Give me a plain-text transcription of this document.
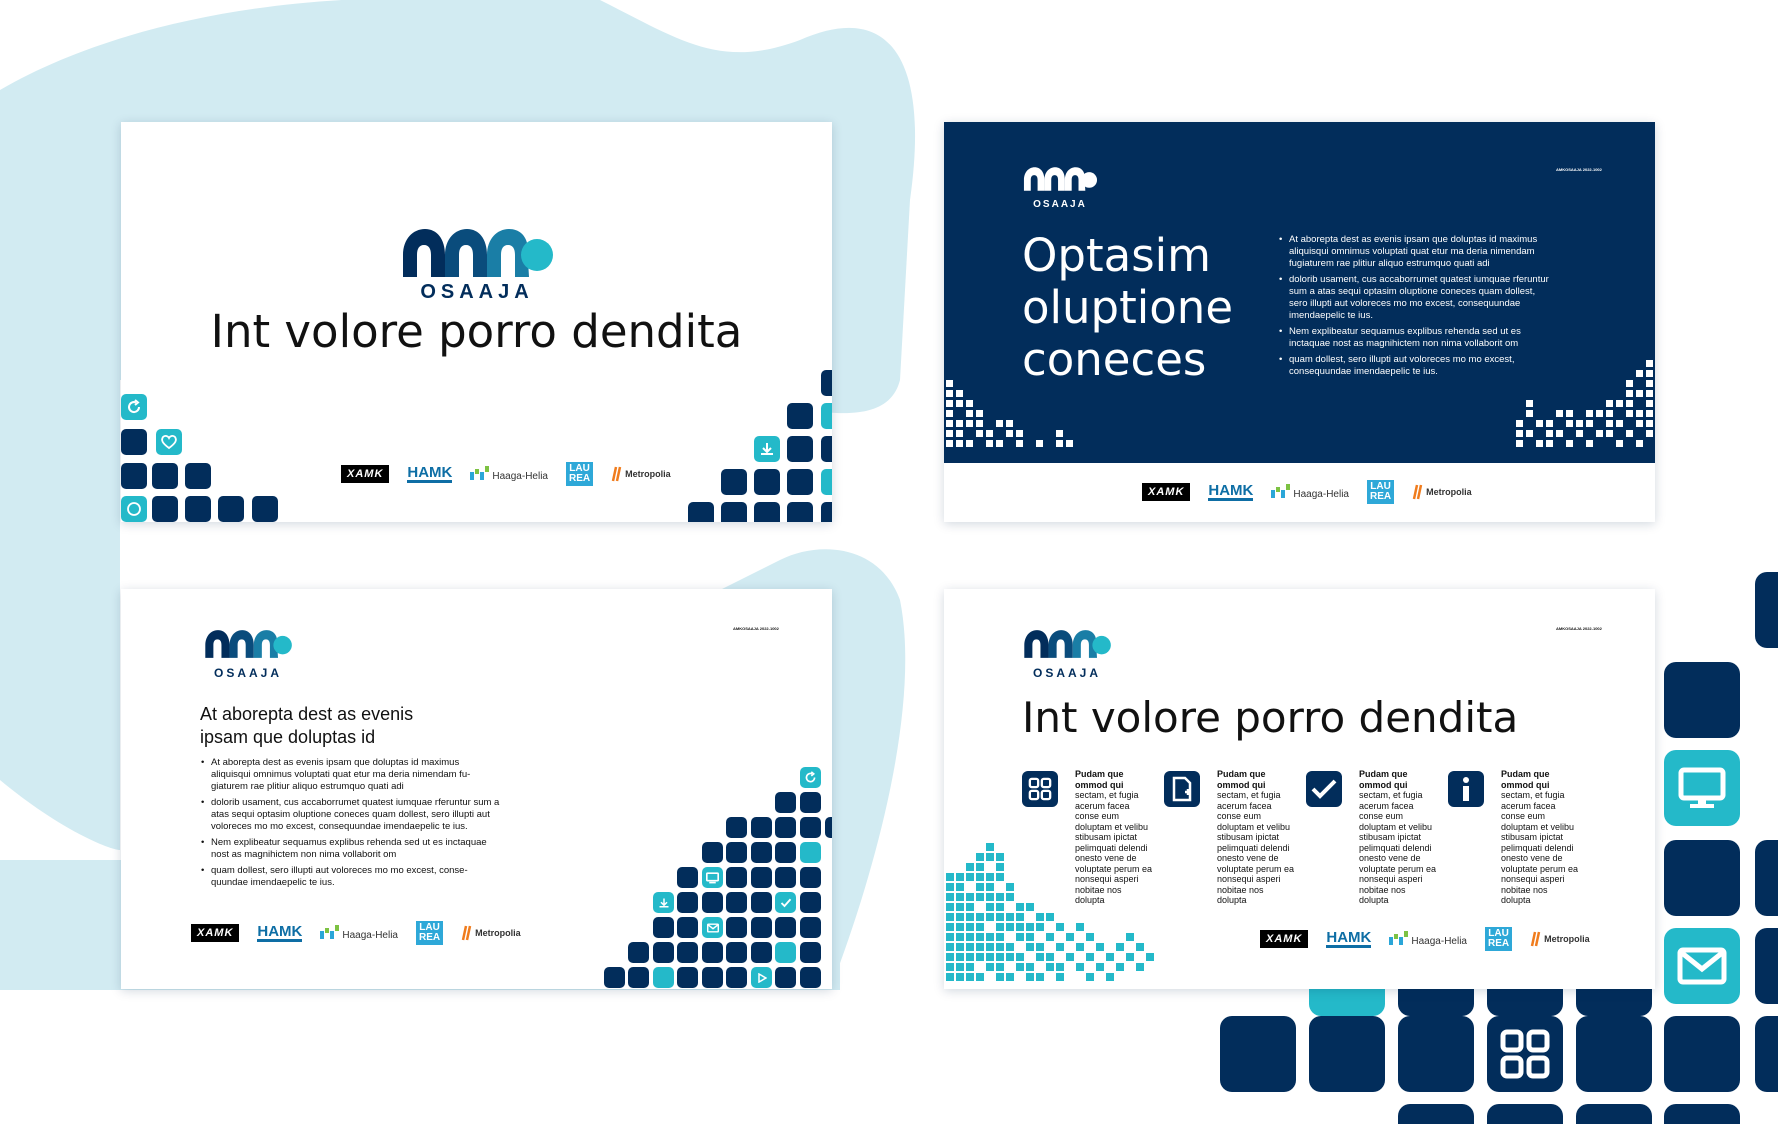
OSAAJA
Int volore porro dendita
XAMK	HAMK	Haaga-Helia
LAU
REA	Metropolia
OSAAJA
AMKOSAAJA 2022-1002
Optasim
oluptione
coneces
• At aborepta dest as evenis ipsam que doluptas id maximus aliquisqui omnimus voluptati quat etur ma deria nimendam fugiaturem rae plitiur aliquo estrumquo quati adi
• dolorib usament, cus accaborrumet quatest iumquae rferuntur sum a atas sequi optasim oluptione coneces quam dollest, sero illupti aut voloreces mo mo excest, consequundae imendaepelic te ius.
• Nem explibeatur sequamus explibus rehenda sed ut es inctaquae nost as magnihictem non nima vollaborit om
• quam dollest, sero illupti aut voloreces mo mo excest, consequundae imendaepelic te ius.
XAMK	HAMK	Haaga-Helia
LAU
REA	Metropolia
OSAAJA
AMKOSAAJA 2022-1002
At aborepta dest as evenis
ipsam que doluptas id
• At aborepta dest as evenis ipsam que doluptas id maximus aliquisqui omnimus voluptati quat etur ma deria nimendam fugiaturem rae plitiur aliquo estrumquo quati adi
• dolorib usament, cus accaborrumet quatest iumquae rferuntur sum a atas sequi optasim oluptione coneces quam dollest, sero illupti aut voloreces mo mo excest, consequundae imendaepelic te ius.
• Nem explibeatur sequamus explibus rehenda sed ut es inctaquae nost as magnihictem non nima vollaborit om
• quam dollest, sero illupti aut voloreces mo mo excest, consequundae imendaepelic te ius.
XAMK	HAMK	Haaga-Helia
LAU
REA	Metropolia
OSAAJA
AMKOSAAJA 2022-1002
Int volore porro dendita
Pudam que ommod qui
sectam, et fugia acerum facea conse eum doluptam et velibu stibusam ipictat pelimquati delendi onesto vene de voluptate perum ea nonsequi asperi nobitae nos dolupta
Pudam que ommod qui
sectam, et fugia acerum facea conse eum doluptam et velibu stibusam ipictat pelimquati delendi onesto vene de voluptate perum ea nonsequi asperi nobitae nos dolupta
Pudam que ommod qui
sectam, et fugia acerum facea conse eum doluptam et velibu stibusam ipictat pelimquati delendi onesto vene de voluptate perum ea nonsequi asperi nobitae nos dolupta
Pudam que ommod qui
sectam, et fugia acerum facea conse eum doluptam et velibu stibusam ipictat pelimquati delendi onesto vene de voluptate perum ea nonsequi asperi nobitae nos dolupta
XAMK	HAMK	Haaga-Helia
LAU
REA	Metropolia
